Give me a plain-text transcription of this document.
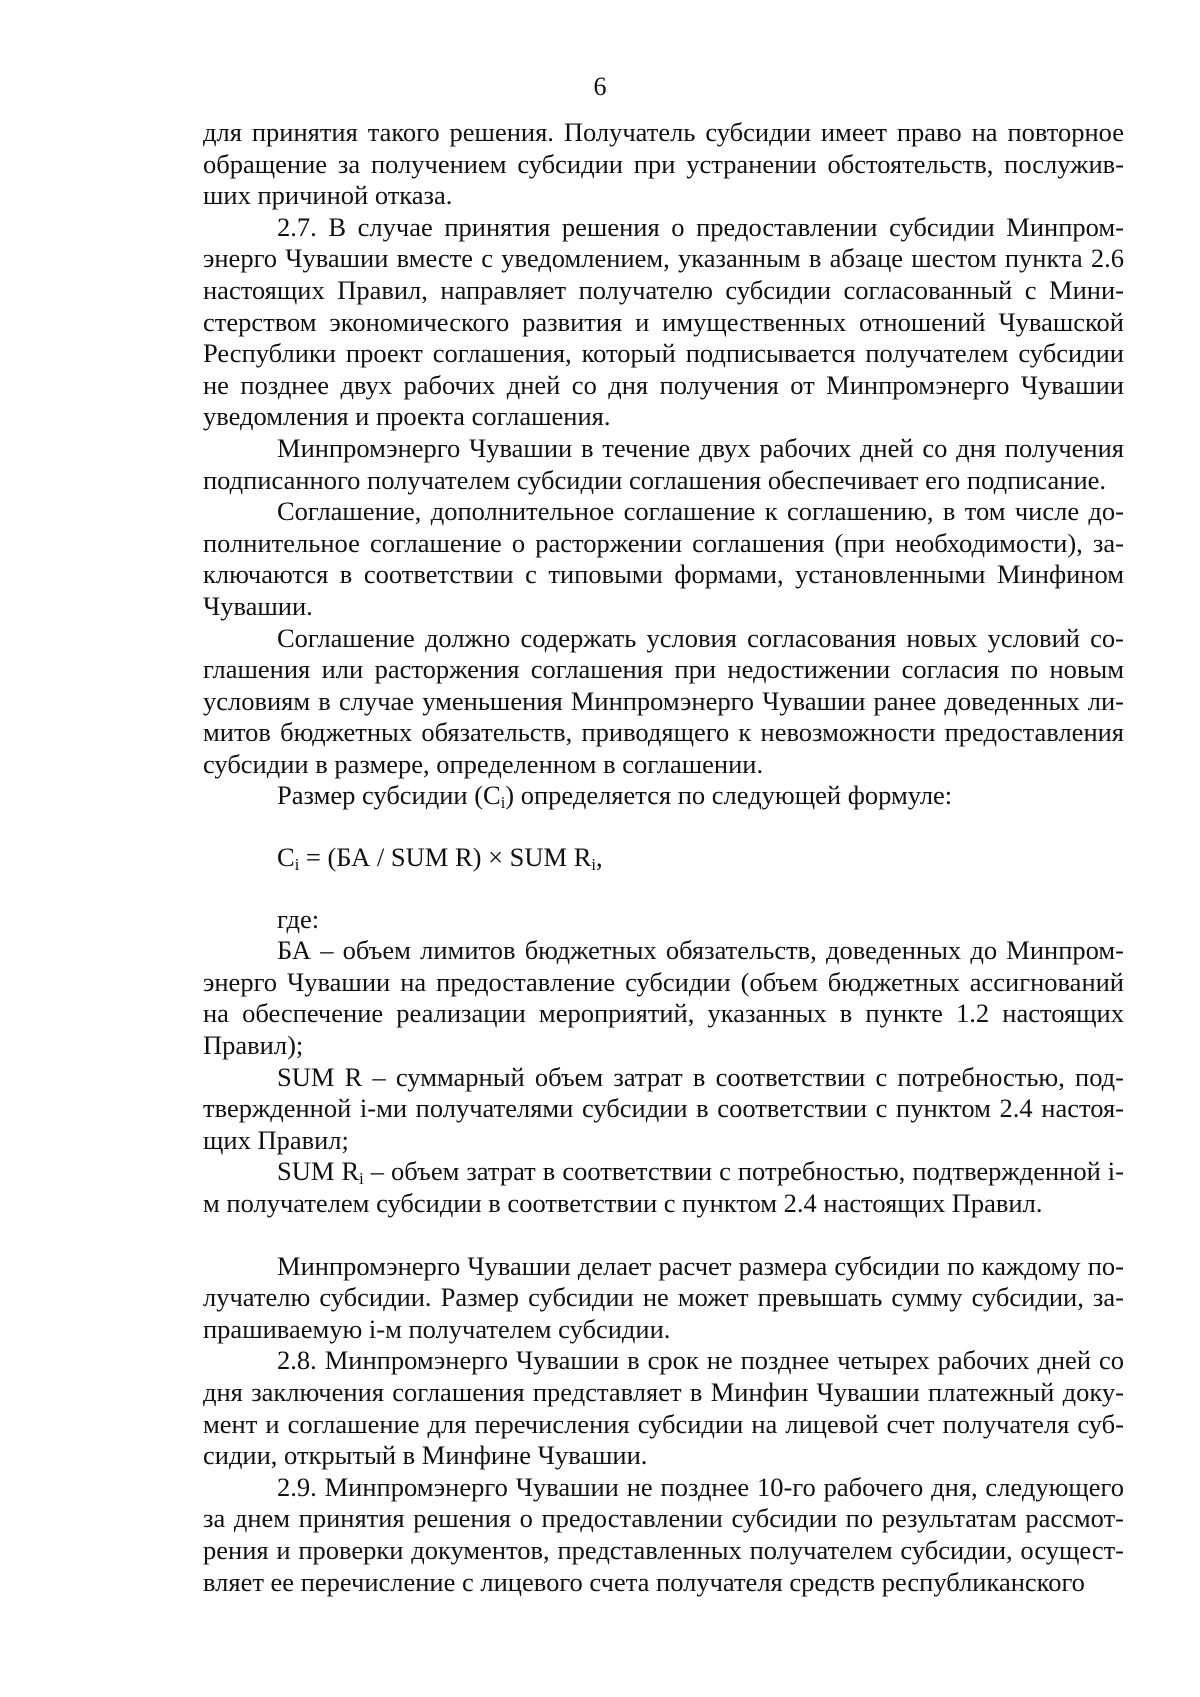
6

для принятия такого решения. Получатель субсидии имеет право на повторное обращение за получением субсидии при устранении обстоятельств, послуживших причиной отказа.

2.7. В случае принятия решения о предоставлении субсидии Минпромэнерго Чувашии вместе с уведомлением, указанным в абзаце шестом пункта 2.6 настоящих Правил, направляет получателю субсидии согласованный с Министерством экономического развития и имущественных отношений Чувашской Республики проект соглашения, который подписывается получателем субсидии не позднее двух рабочих дней со дня получения от Минпромэнерго Чувашии уведомления и проекта соглашения.

Минпромэнерго Чувашии в течение двух рабочих дней со дня получения подписанного получателем субсидии соглашения обеспечивает его подписание.

Соглашение, дополнительное соглашение к соглашению, в том числе дополнительное соглашение о расторжении соглашения (при необходимости), заключаются в соответствии с типовыми формами, установленными Минфином Чувашии.

Соглашение должно содержать условия согласования новых условий соглашения или расторжения соглашения при недостижении согласия по новым условиям в случае уменьшения Минпромэнерго Чувашии ранее доведенных лимитов бюджетных обязательств, приводящего к невозможности предоставления субсидии в размере, определенном в соглашении.

Размер субсидии $(С_i)$ определяется по следующей формуле:

$С_i = (БА$ / SUM R) × SUM $R_i$,

где:

БА – объем лимитов бюджетных обязательств, доведенных до Минпромэнерго Чувашии на предоставление субсидии (объем бюджетных ассигнований на обеспечение реализации мероприятий, указанных в пункте 1.2 настоящих Правил);

SUM R – суммарный объем затрат в соответствии с потребностью, подтвержденной i-ми получателями субсидии в соответствии с пунктом 2.4 настоящих Правил;

SUM $R_i$ – объем затрат в соответствии с потребностью, подтвержденной i-м получателем субсидии в соответствии с пунктом 2.4 настоящих Правил.

Минпромэнерго Чувашии делает расчет размера субсидии по каждому получателю субсидии. Размер субсидии не может превышать сумму субсидии, запрашиваемую i-м получателем субсидии.

2.8. Минпромэнерго Чувашии в срок не позднее четырех рабочих дней со дня заключения соглашения представляет в Минфин Чувашии платежный документ и соглашение для перечисления субсидии на лицевой счет получателя субсидии, открытый в Минфине Чувашии.

2.9. Минпромэнерго Чувашии не позднее 10-го рабочего дня, следующего за днем принятия решения о предоставлении субсидии по результатам рассмотрения и проверки документов, представленных получателем субсидии, осуществляет ее перечисление с лицевого счета получателя средств республиканского
